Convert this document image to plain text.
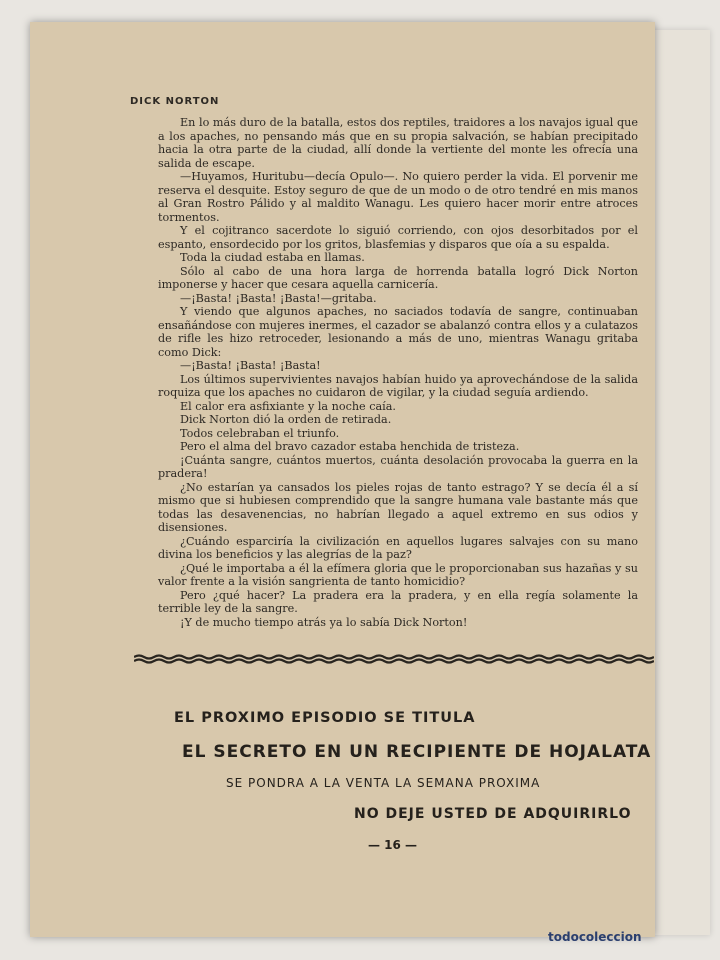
DICK NORTON

En lo más duro de la batalla, estos dos reptiles, traidores a los navajos igual que a los apaches, no pensando más que en su propia salvación, se habían precipitado hacia la otra parte de la ciudad, allí donde la vertiente del monte les ofrecía una salida de escape.

—Huyamos, Huritubu—decía Opulo—. No quiero perder la vida. El porvenir me reserva el desquite. Estoy seguro de que de un modo o de otro tendré en mis manos al Gran Rostro Pálido y al maldito Wanagu. Les quiero hacer morir entre atroces tormentos.

Y el cojitranco sacerdote lo siguió corriendo, con ojos desorbitados por el espanto, ensordecido por los gritos, blasfemias y disparos que oía a su espalda.

Toda la ciudad estaba en llamas.

Sólo al cabo de una hora larga de horrenda batalla logró Dick Norton imponerse y hacer que cesara aquella carnicería.

—¡Basta! ¡Basta! ¡Basta!—gritaba.

Y viendo que algunos apaches, no saciados todavía de sangre, continuaban ensañándose con mujeres inermes, el cazador se abalanzó contra ellos y a culatazos de rifle les hizo retroceder, lesionando a más de uno, mientras Wanagu gritaba como Dick:

—¡Basta! ¡Basta! ¡Basta!

Los últimos supervivientes navajos habían huido ya aprovechándose de la salida roquiza que los apaches no cuidaron de vigilar, y la ciudad seguía ardiendo.

El calor era asfixiante y la noche caía.

Dick Norton dió la orden de retirada.

Todos celebraban el triunfo.

Pero el alma del bravo cazador estaba henchida de tristeza.

¡Cuánta sangre, cuántos muertos, cuánta desolación provocaba la guerra en la pradera!

¿No estarían ya cansados los pieles rojas de tanto estrago? Y se decía él a sí mismo que si hubiesen comprendido que la sangre humana vale bastante más que todas las desavenencias, no habrían llegado a aquel extremo en sus odios y disensiones.

¿Cuándo esparciría la civilización en aquellos lugares salvajes con su mano divina los beneficios y las alegrías de la paz?

¿Qué le importaba a él la efímera gloria que le proporcionaban sus hazañas y su valor frente a la visión sangrienta de tanto homicidio?

Pero ¿qué hacer? La pradera era la pradera, y en ella regía solamente la terrible ley de la sangre.

¡Y de mucho tiempo atrás ya lo sabía Dick Norton!

EL PROXIMO EPISODIO SE TITULA
EL SECRETO EN UN RECIPIENTE DE HOJALATA
SE PONDRA A LA VENTA LA SEMANA PROXIMA
NO DEJE USTED DE ADQUIRIRLO
— 16 —
todocoleccion
